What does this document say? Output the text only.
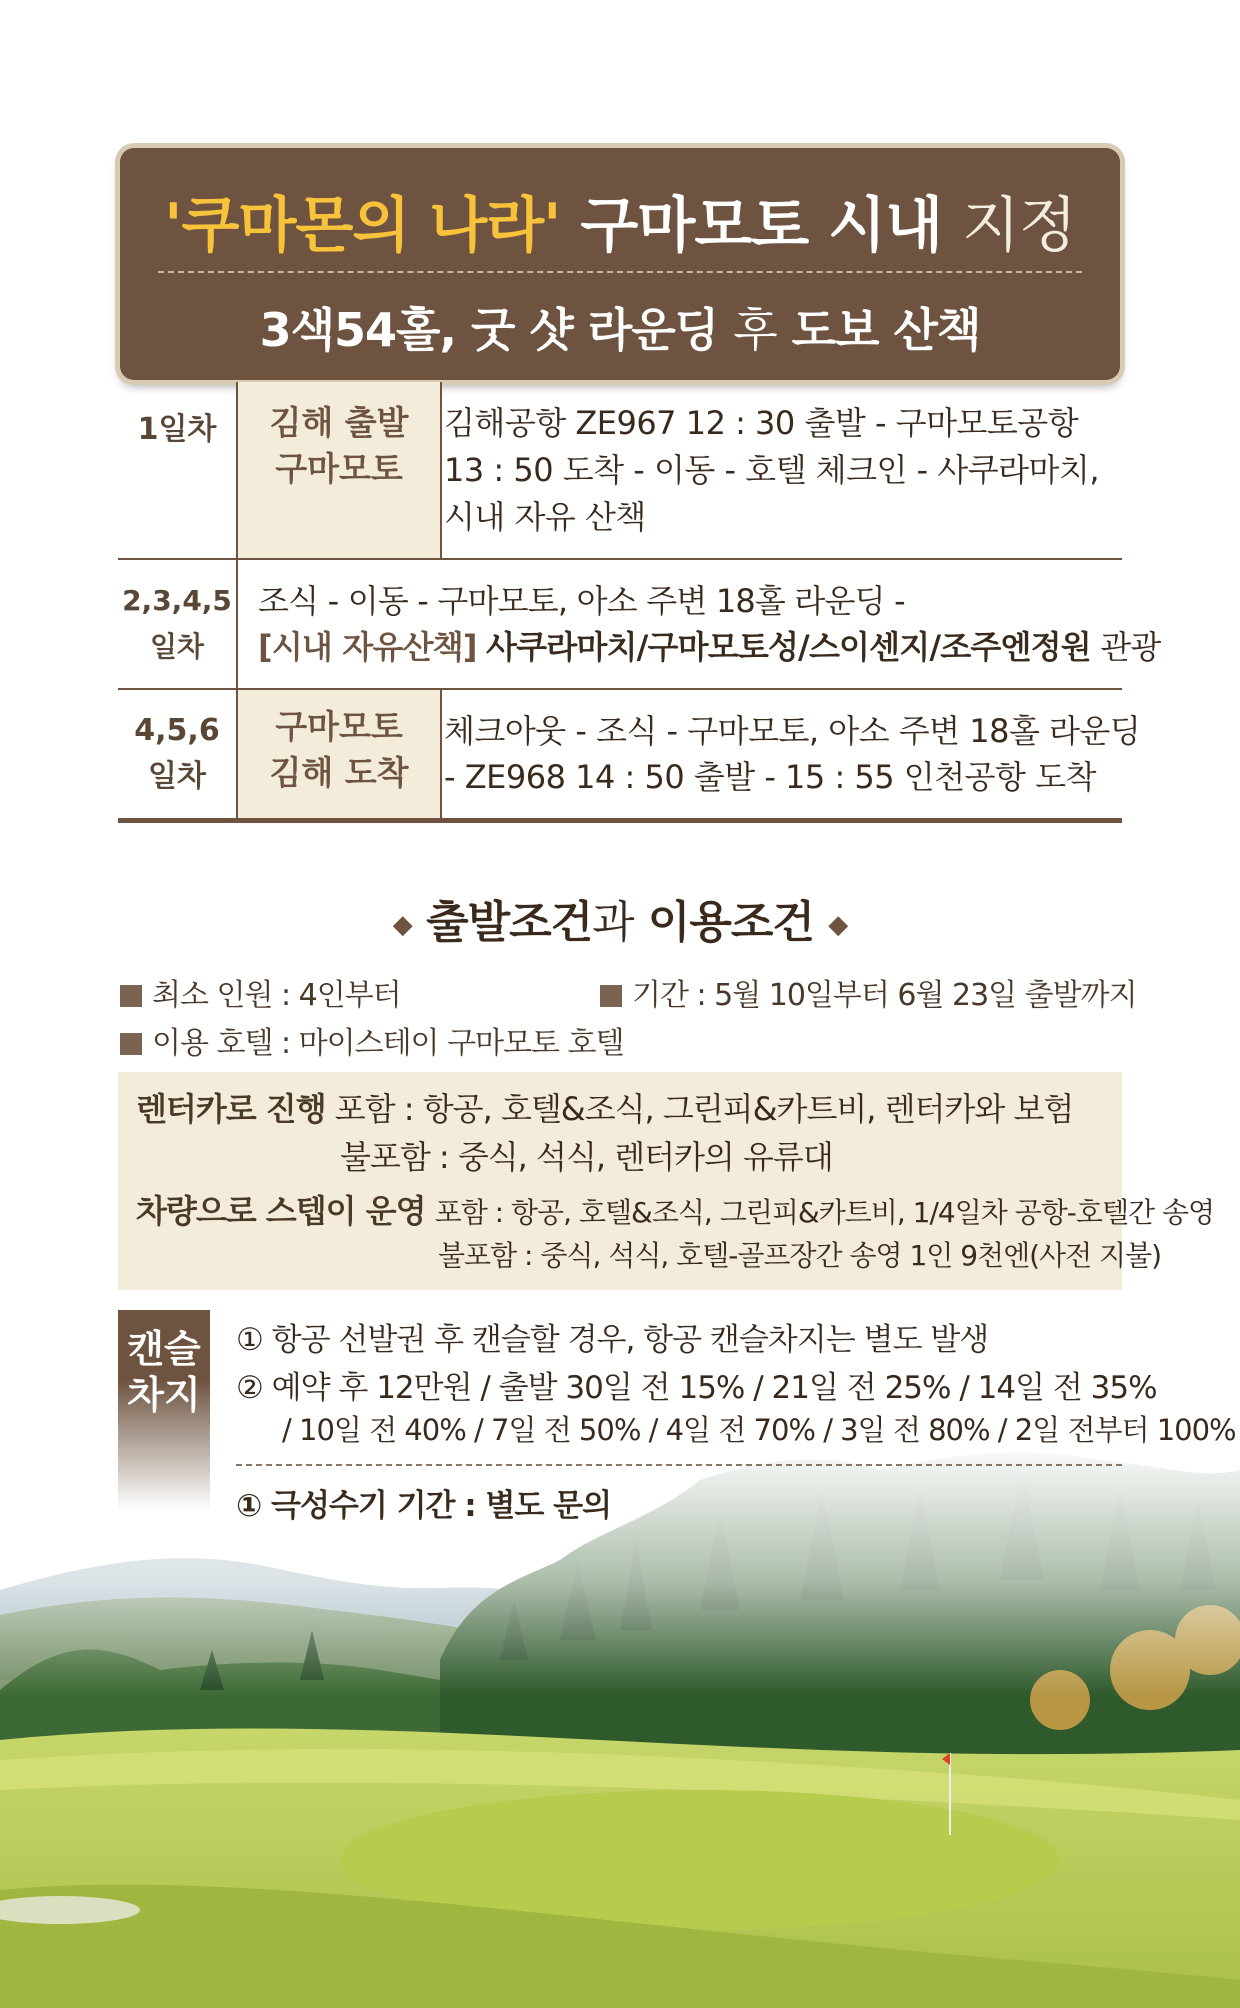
'쿠마몬의 나라' 구마모토 시내 지정
3색54홀, 굿 샷 라운딩 후 도보 산책
1일차	김해 출발
구마모토
김해공항 ZE967 12 : 30 출발 - 구마모토공항
13 : 50 도착 - 이동 - 호텔 체크인 - 사쿠라마치,
시내 자유 산책
2,3,4,5
일차
조식 - 이동 - 구마모토, 아소 주변 18홀 라운딩 -
[시내 자유산책] 사쿠라마치/구마모토성/스이센지/조주엔정원 관광
4,5,6
일차
구마모토
김해 도착
체크아웃 - 조식 - 구마모토, 아소 주변 18홀 라운딩
- ZE968 14 : 50 출발 - 15 : 55 인천공항 도착
◆ 출발조건과 이용조건 ◆
최소 인원 : 4인부터	기간 : 5월 10일부터 6월 23일 출발까지
이용 호텔 : 마이스테이 구마모토 호텔
렌터카로 진행 포함 : 항공, 호텔&조식, 그린피&카트비, 렌터카와 보험
불포함 : 중식, 석식, 렌터카의 유류대
차량으로 스텝이 운영 포함 : 항공, 호텔&조식, 그린피&카트비, 1/4일차 공항-호텔간 송영
불포함 : 중식, 석식, 호텔-골프장간 송영 1인 9천엔(사전 지불)
캔슬
차지
① 항공 선발권 후 캔슬할 경우, 항공 캔슬차지는 별도 발생
② 예약 후 12만원 / 출발 30일 전 15% / 21일 전 25% / 14일 전 35%
/ 10일 전 40% / 7일 전 50% / 4일 전 70% / 3일 전 80% / 2일 전부터 100%
① 극성수기 기간 : 별도 문의
